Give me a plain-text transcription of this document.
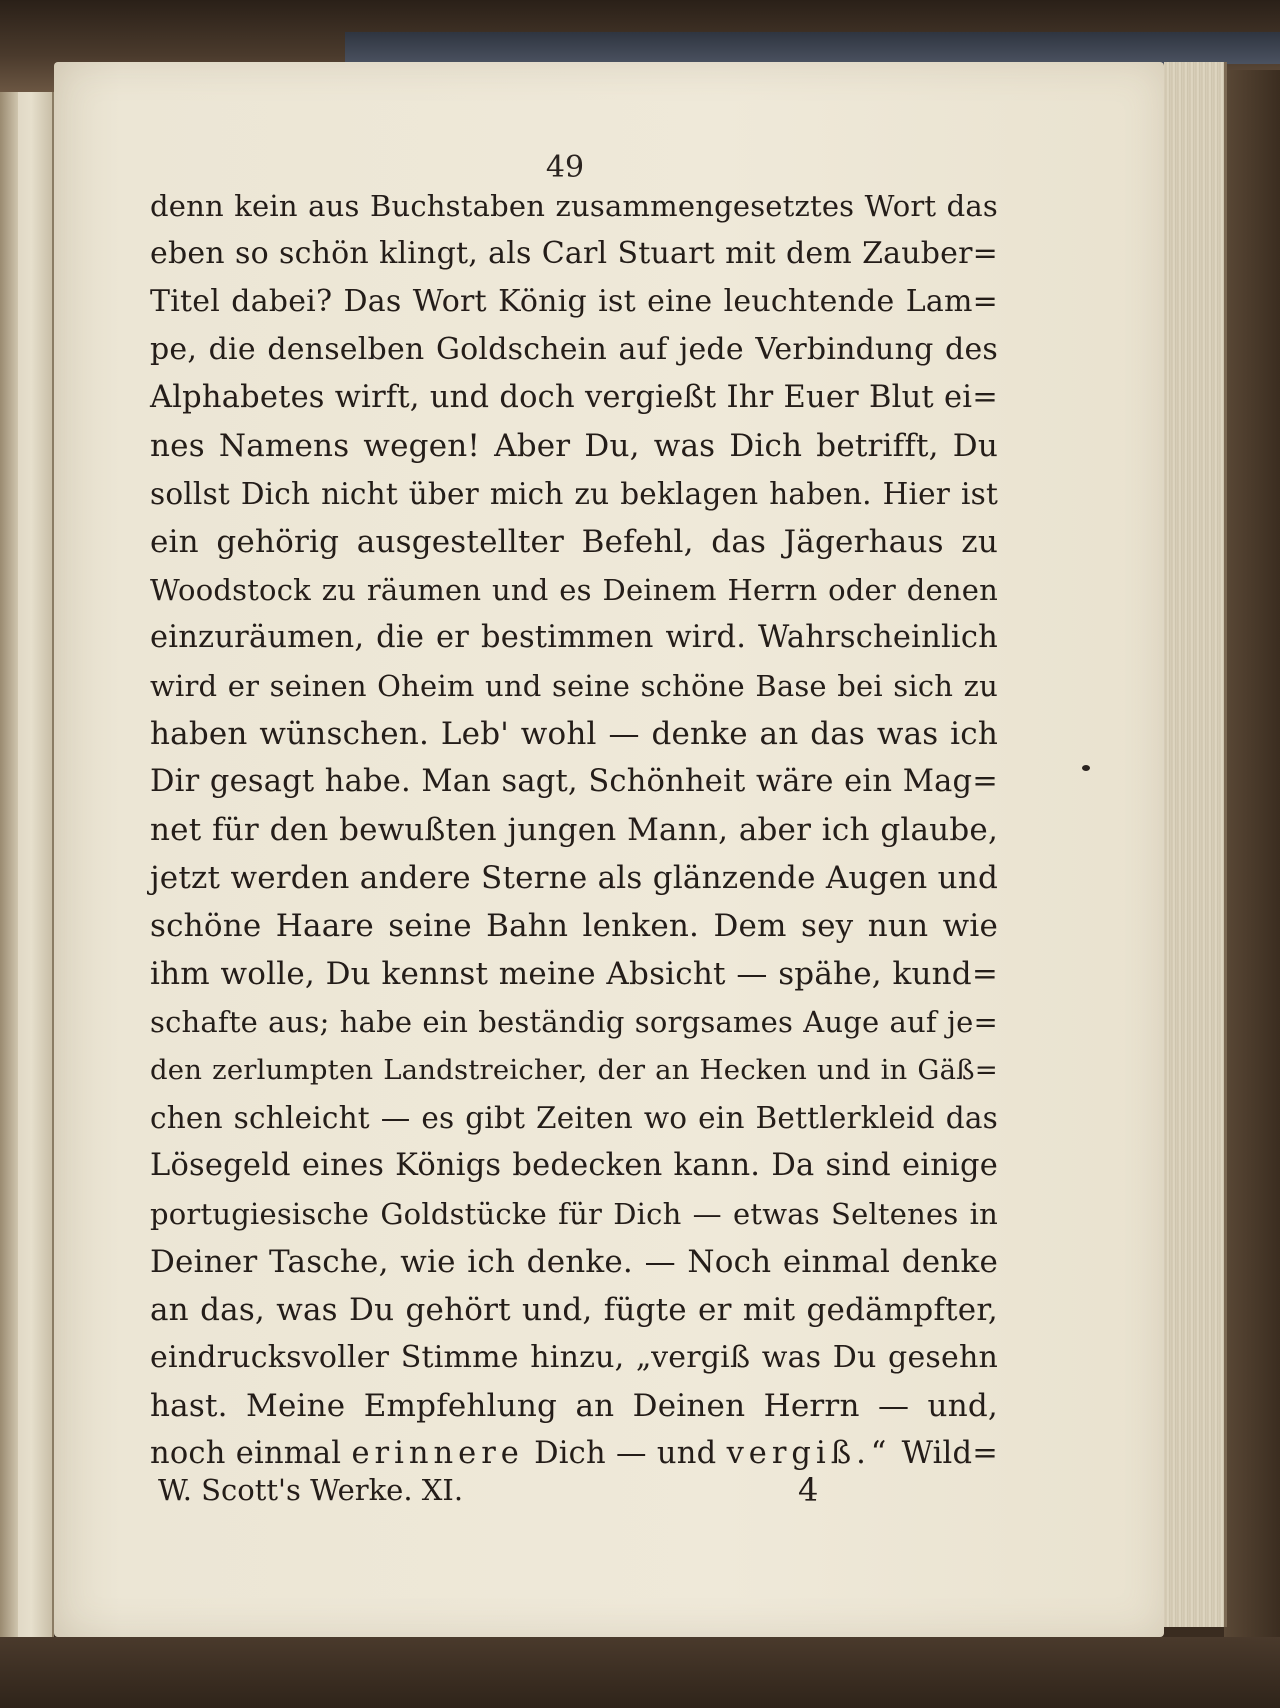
49
denn kein aus Buchstaben zusammengesetztes Wort das
eben so schön klingt, als Carl Stuart mit dem Zauber=
Titel dabei? Das Wort König ist eine leuchtende Lam=
pe, die denselben Goldschein auf jede Verbindung des
Alphabetes wirft, und doch vergießt Ihr Euer Blut ei=
nes Namens wegen! Aber Du, was Dich betrifft, Du
sollst Dich nicht über mich zu beklagen haben. Hier ist
ein gehörig ausgestellter Befehl, das Jägerhaus zu
Woodstock zu räumen und es Deinem Herrn oder denen
einzuräumen, die er bestimmen wird. Wahrscheinlich
wird er seinen Oheim und seine schöne Base bei sich zu
haben wünschen. Leb' wohl — denke an das was ich
Dir gesagt habe. Man sagt, Schönheit wäre ein Mag=
net für den bewußten jungen Mann, aber ich glaube,
jetzt werden andere Sterne als glänzende Augen und
schöne Haare seine Bahn lenken. Dem sey nun wie
ihm wolle, Du kennst meine Absicht — spähe, kund=
schafte aus; habe ein beständig sorgsames Auge auf je=
den zerlumpten Landstreicher, der an Hecken und in Gäß=
chen schleicht — es gibt Zeiten wo ein Bettlerkleid das
Lösegeld eines Königs bedecken kann. Da sind einige
portugiesische Goldstücke für Dich — etwas Seltenes in
Deiner Tasche, wie ich denke. — Noch einmal denke
an das, was Du gehört und, fügte er mit gedämpfter,
eindrucksvoller Stimme hinzu, „vergiß was Du gesehn
hast. Meine Empfehlung an Deinen Herrn — und,
noch einmal erinnere Dich — und vergiß.“ Wild=
W. Scott's Werke. XI.	4
